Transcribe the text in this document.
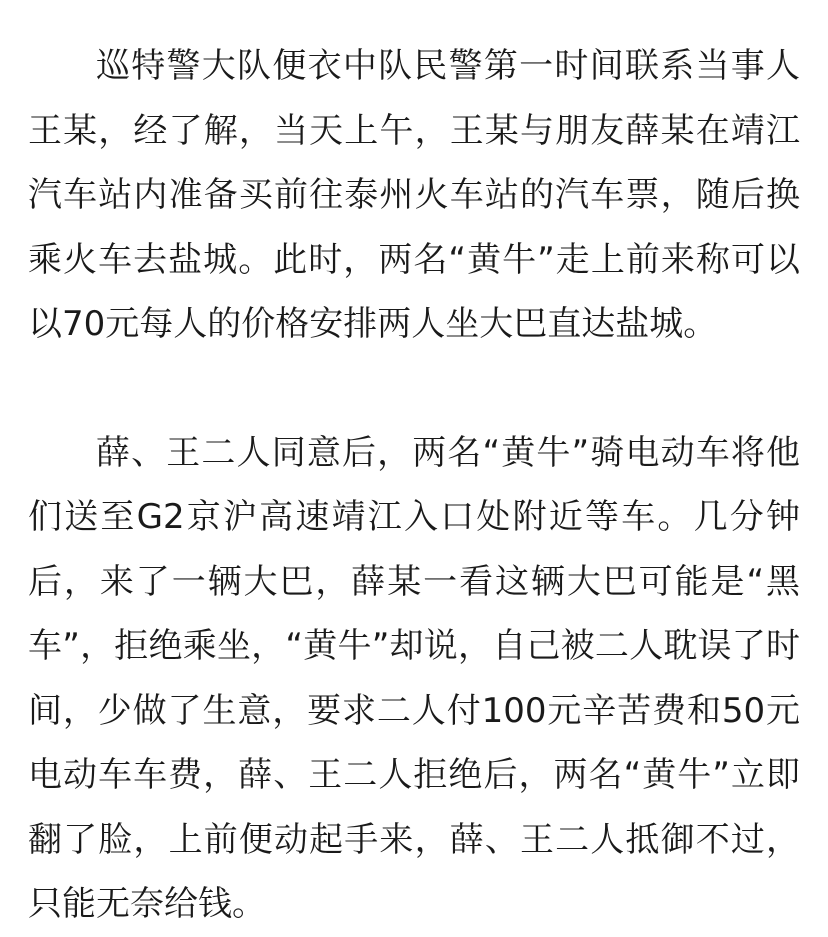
巡特警大队便衣中队民警第一时间联系当事人王某，经了解，当天上午，王某与朋友薛某在靖江汽车站内准备买前往泰州火车站的汽车票，随后换乘火车去盐城。此时，两名“黄牛”走上前来称可以以70元每人的价格安排两人坐大巴直达盐城。

薛、王二人同意后，两名“黄牛”骑电动车将他们送至G2京沪高速靖江入口处附近等车。几分钟后，来了一辆大巴，薛某一看这辆大巴可能是“黑车”，拒绝乘坐，“黄牛”却说，自己被二人耽误了时间，少做了生意，要求二人付100元辛苦费和50元电动车车费，薛、王二人拒绝后，两名“黄牛”立即翻了脸，上前便动起手来，薛、王二人抵御不过，只能无奈给钱。
